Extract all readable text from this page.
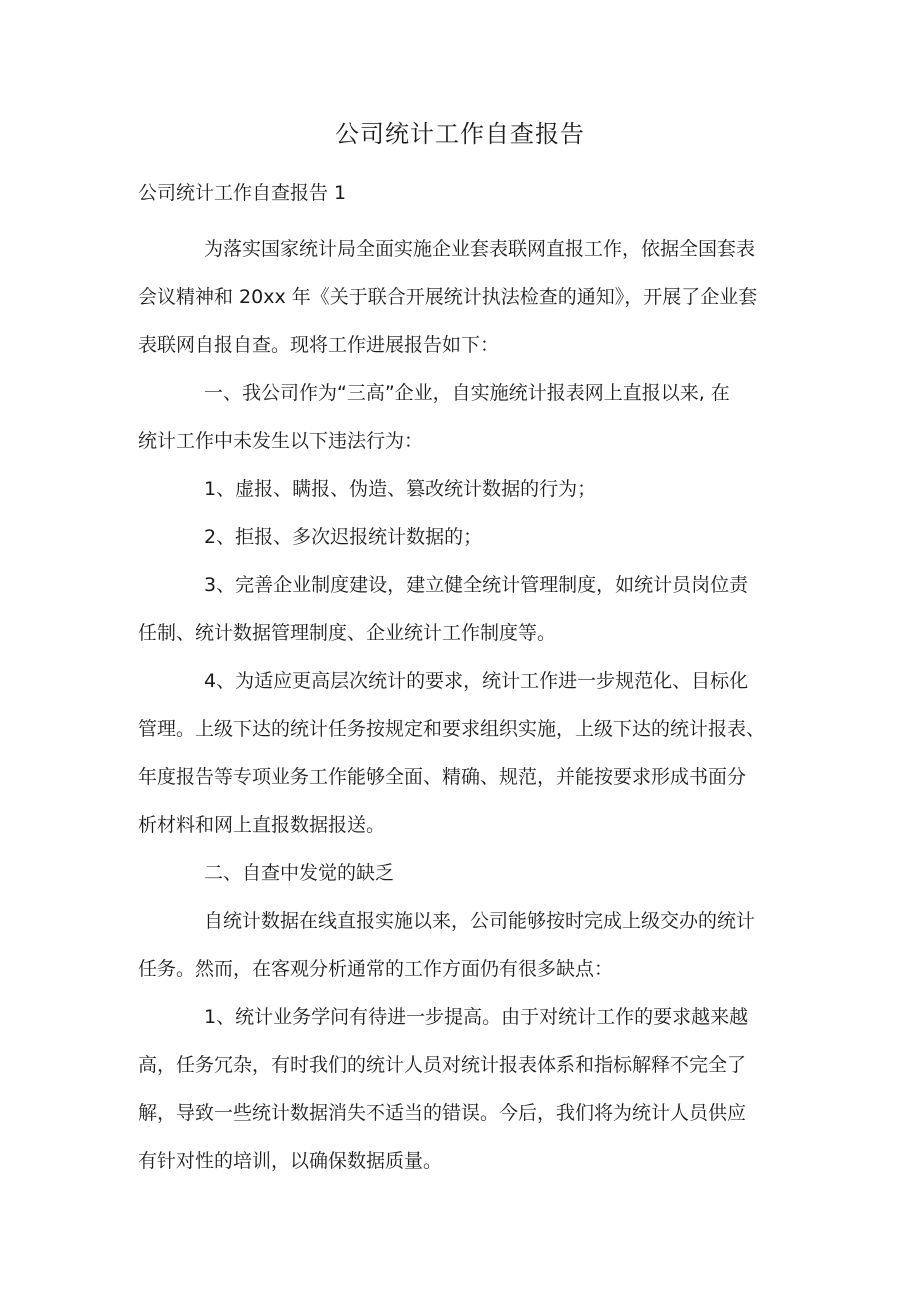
公司统计工作自查报告
公司统计工作自查报告 1
为落实国家统计局全面实施企业套表联网直报工作，依据全国套表
会议精神和 20xx 年《关于联合开展统计执法检查的通知》，开展了企业套
表联网自报自查。现将工作进展报告如下：
一、我公司作为“三高”企业，自实施统计报表网上直报以来, 在
统计工作中未发生以下违法行为：
1、虚报、瞒报、伪造、篡改统计数据的行为；
2、拒报、多次迟报统计数据的；
3、完善企业制度建设，建立健全统计管理制度，如统计员岗位责
任制、统计数据管理制度、企业统计工作制度等。
4、为适应更高层次统计的要求，统计工作进一步规范化、目标化
管理。上级下达的统计任务按规定和要求组织实施，上级下达的统计报表、
年度报告等专项业务工作能够全面、精确、规范，并能按要求形成书面分
析材料和网上直报数据报送。
二、自查中发觉的缺乏
自统计数据在线直报实施以来，公司能够按时完成上级交办的统计
任务。然而，在客观分析通常的工作方面仍有很多缺点：
1、统计业务学问有待进一步提高。由于对统计工作的要求越来越
高，任务冗杂，有时我们的统计人员对统计报表体系和指标解释不完全了
解，导致一些统计数据消失不适当的错误。今后，我们将为统计人员供应
有针对性的培训，以确保数据质量。
